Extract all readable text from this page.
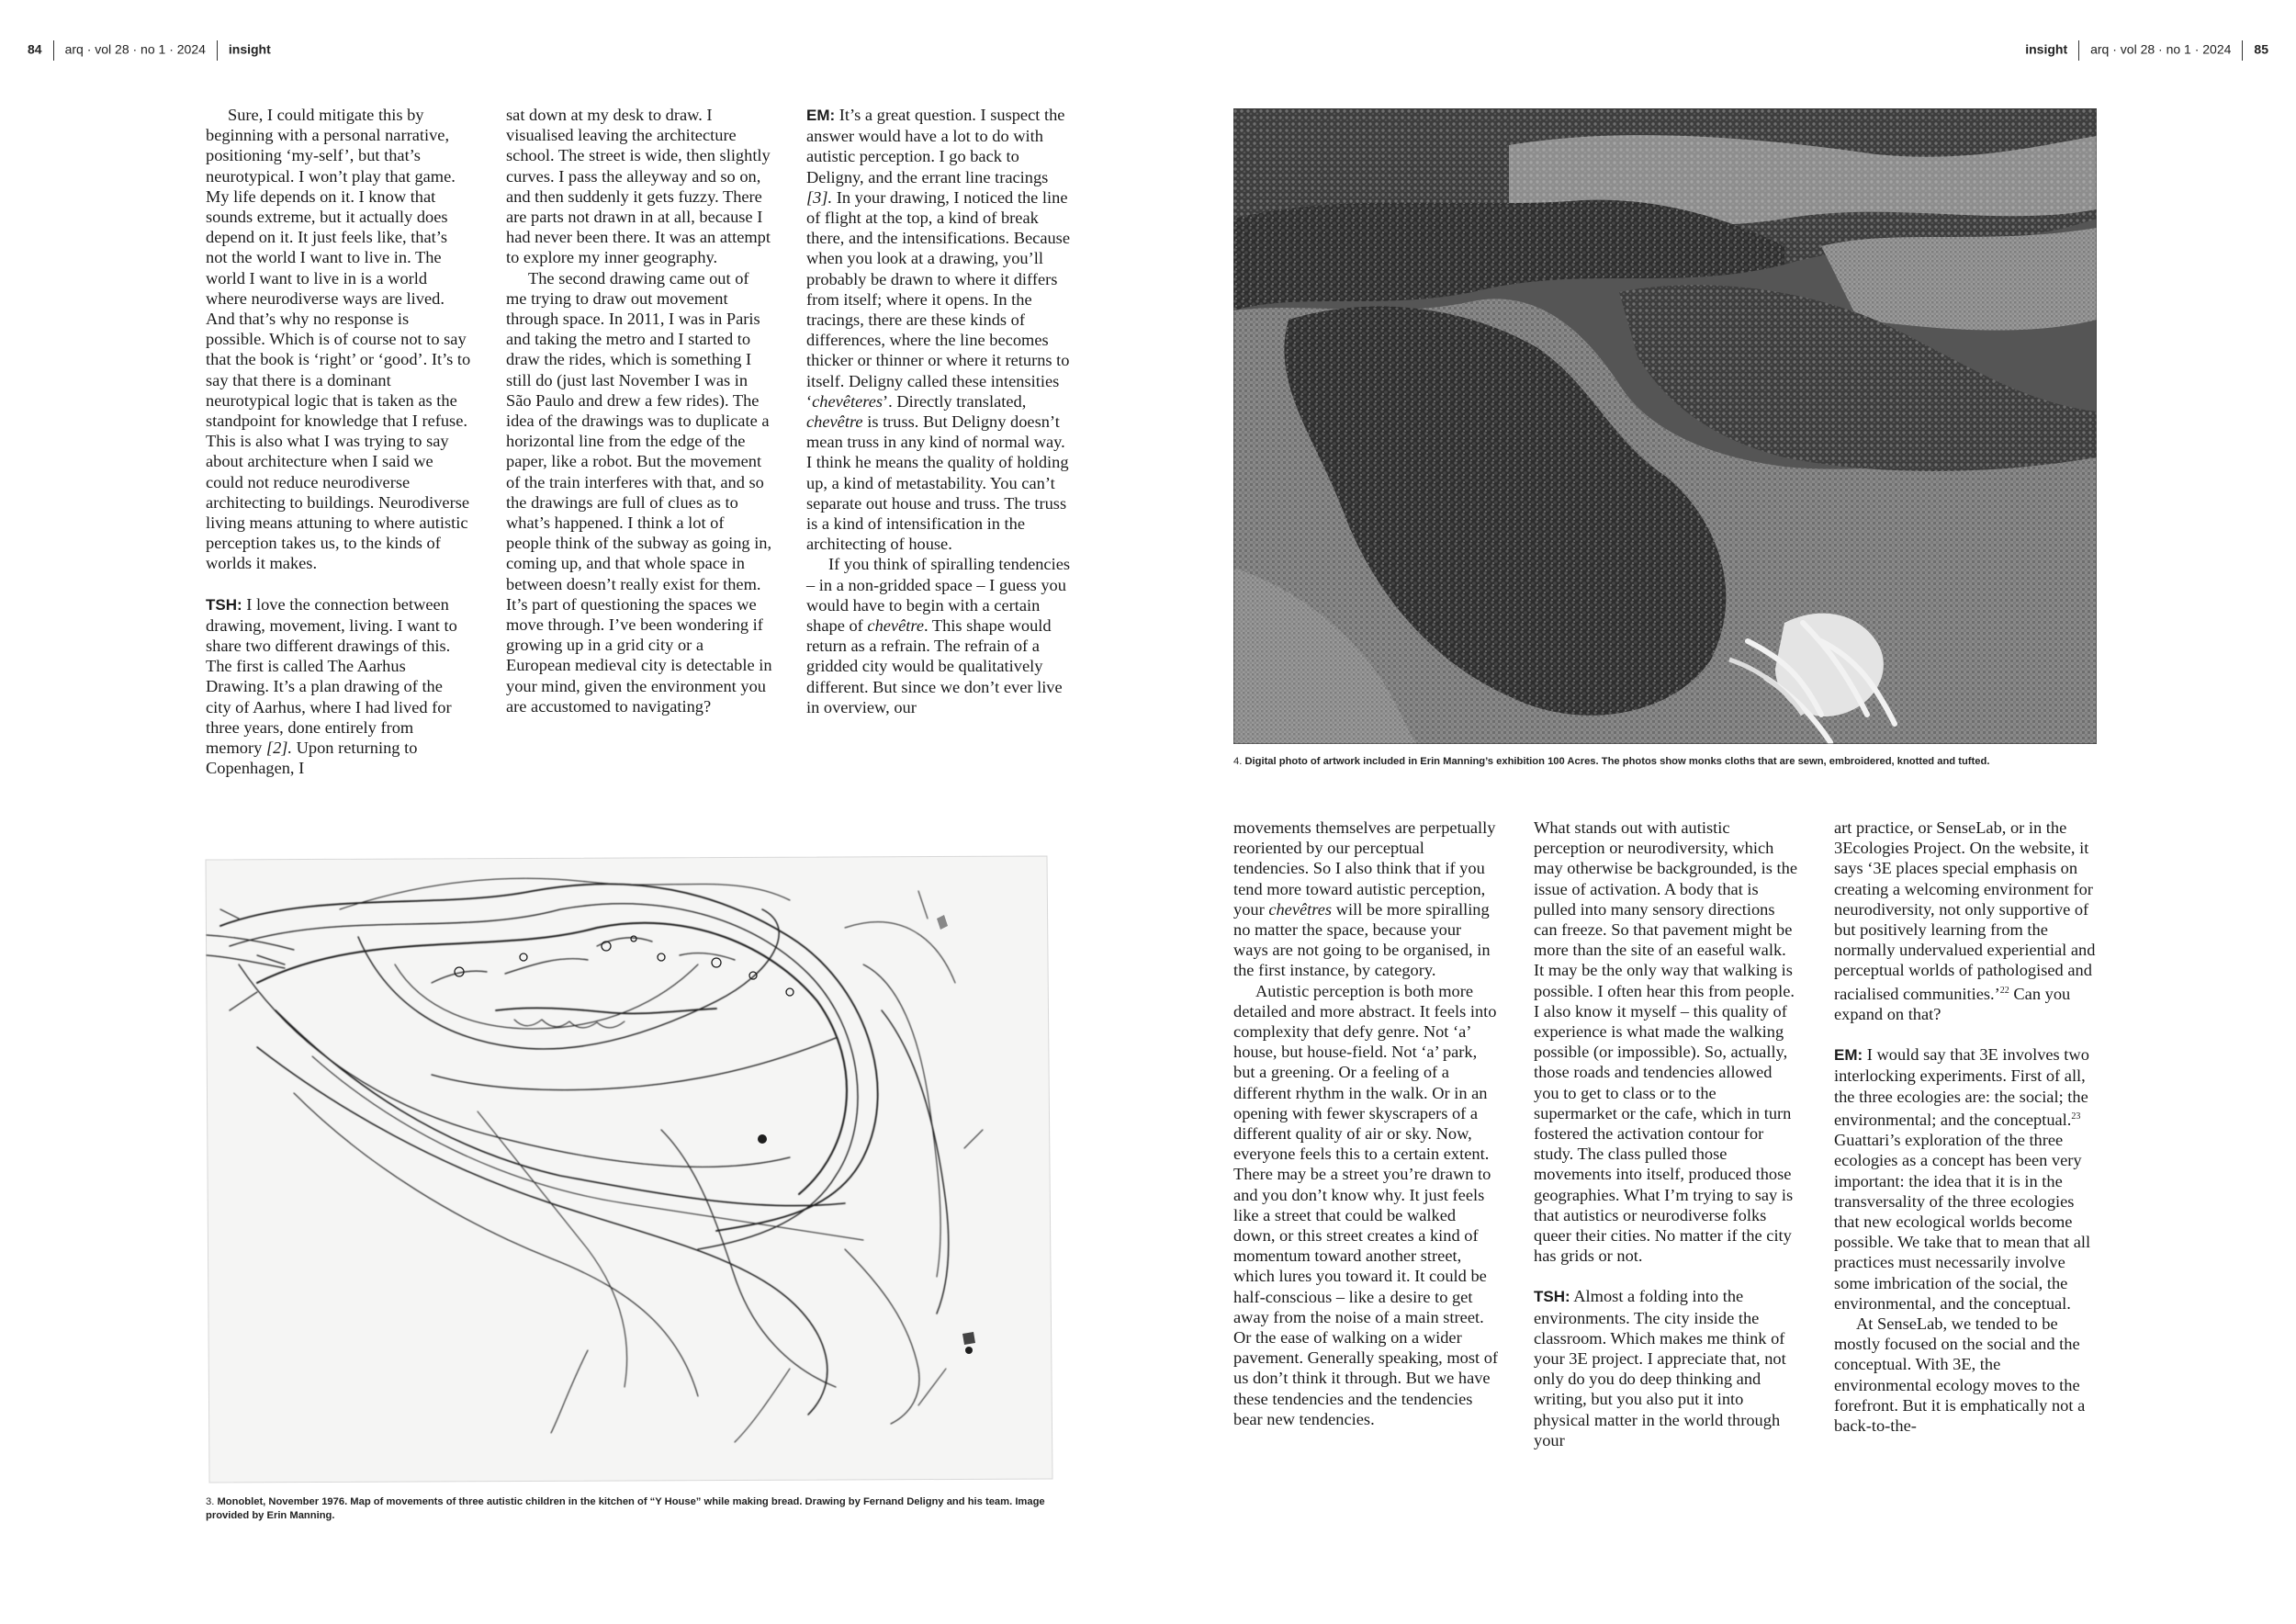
84 arq · vol 28 · no 1 · 2024 insight	insight arq · vol 28 · no 1 · 2024 85

Sure, I could mitigate this by beginning with a personal narrative, positioning ‘my-self’, but that’s neurotypical. I won’t play that game. My life depends on it. I know that sounds extreme, but it actually does depend on it. It just feels like, that’s not the world I want to live in. The world I want to live in is a world where neurodiverse ways are lived. And that’s why no response is possible. Which is of course not to say that the book is ‘right’ or ‘good’. It’s to say that there is a dominant neurotypical logic that is taken as the standpoint for knowledge that I refuse. This is also what I was trying to say about architecture when I said we could not reduce neurodiverse architecting to buildings. Neurodiverse living means attuning to where autistic perception takes us, to the kinds of worlds it makes.

TSH: I love the connection between drawing, movement, living. I want to share two different drawings of this. The first is called The Aarhus Drawing. It’s a plan drawing of the city of Aarhus, where I had lived for three years, done entirely from memory [2]. Upon returning to Copenhagen, I

sat down at my desk to draw. I visualised leaving the architecture school. The street is wide, then slightly curves. I pass the alleyway and so on, and then suddenly it gets fuzzy. There are parts not drawn in at all, because I had never been there. It was an attempt to explore my inner geography.

The second drawing came out of me trying to draw out movement through space. In 2011, I was in Paris and taking the metro and I started to draw the rides, which is something I still do (just last November I was in São Paulo and drew a few rides). The idea of the drawings was to duplicate a horizontal line from the edge of the paper, like a robot. But the movement of the train interferes with that, and so the drawings are full of clues as to what’s happened. I think a lot of people think of the subway as going in, coming up, and that whole space in between doesn’t really exist for them. It’s part of questioning the spaces we move through. I’ve been wondering if growing up in a grid city or a European medieval city is detectable in your mind, given the environment you are accustomed to navigating?

EM: It’s a great question. I suspect the answer would have a lot to do with autistic perception. I go back to Deligny, and the errant line tracings [3]. In your drawing, I noticed the line of flight at the top, a kind of break there, and the intensifications. Because when you look at a drawing, you’ll probably be drawn to where it differs from itself; where it opens. In the tracings, there are these kinds of differences, where the line becomes thicker or thinner or where it returns to itself. Deligny called these intensities ‘chevêteres’. Directly translated, chevêtre is truss. But Deligny doesn’t mean truss in any kind of normal way. I think he means the quality of holding up, a kind of metastability. You can’t separate out house and truss. The truss is a kind of intensification in the architecting of house.

If you think of spiralling tendencies – in a non-gridded space – I guess you would have to begin with a certain shape of chevêtre. This shape would return as a refrain. The refrain of a gridded city would be qualitatively different. But since we don’t ever live in overview, our

3. Monoblet, November 1976. Map of movements of three autistic children in the kitchen of “Y House” while making bread. Drawing by Fernand Deligny and his team. Image provided by Erin Manning.
4. Digital photo of artwork included in Erin Manning’s exhibition 100 Acres. The photos show monks cloths that are sewn, embroidered, knotted and tufted.

movements themselves are perpetually reoriented by our perceptual tendencies. So I also think that if you tend more toward autistic perception, your chevêtres will be more spiralling no matter the space, because your ways are not going to be organised, in the first instance, by category.

Autistic perception is both more detailed and more abstract. It feels into complexity that defy genre. Not ‘a’ house, but house-field. Not ‘a’ park, but a greening. Or a feeling of a different rhythm in the walk. Or in an opening with fewer skyscrapers of a different quality of air or sky. Now, everyone feels this to a certain extent. There may be a street you’re drawn to and you don’t know why. It just feels like a street that could be walked down, or this street creates a kind of momentum toward another street, which lures you toward it. It could be half-conscious – like a desire to get away from the noise of a main street. Or the ease of walking on a wider pavement. Generally speaking, most of us don’t think it through. But we have these tendencies and the tendencies bear new tendencies.

What stands out with autistic perception or neurodiversity, which may otherwise be backgrounded, is the issue of activation. A body that is pulled into many sensory directions can freeze. So that pavement might be more than the site of an easeful walk. It may be the only way that walking is possible. I often hear this from people. I also know it myself – this quality of experience is what made the walking possible (or impossible). So, actually, those roads and tendencies allowed you to get to class or to the supermarket or the cafe, which in turn fostered the activation contour for study. The class pulled those movements into itself, produced those geographies. What I’m trying to say is that autistics or neurodiverse folks queer their cities. No matter if the city has grids or not.

TSH: Almost a folding into the environments. The city inside the classroom. Which makes me think of your 3E project. I appreciate that, not only do you do deep thinking and writing, but you also put it into physical matter in the world through your

art practice, or SenseLab, or in the 3Ecologies Project. On the website, it says ‘3E places special emphasis on creating a welcoming environment for neurodiversity, not only supportive of but positively learning from the normally undervalued experiential and perceptual worlds of pathologised and racialised communities.’$^{22}$ Can you expand on that?

EM: I would say that 3E involves two interlocking experiments. First of all, the three ecologies are: the social; the environmental; and the conceptual.$^{23}$ Guattari’s exploration of the three ecologies as a concept has been very important: the idea that it is in the transversality of the three ecologies that new ecological worlds become possible. We take that to mean that all practices must necessarily involve some imbrication of the social, the environmental, and the conceptual.

At SenseLab, we tended to be mostly focused on the social and the conceptual. With 3E, the environmental ecology moves to the forefront. But it is emphatically not a back-to-the-
